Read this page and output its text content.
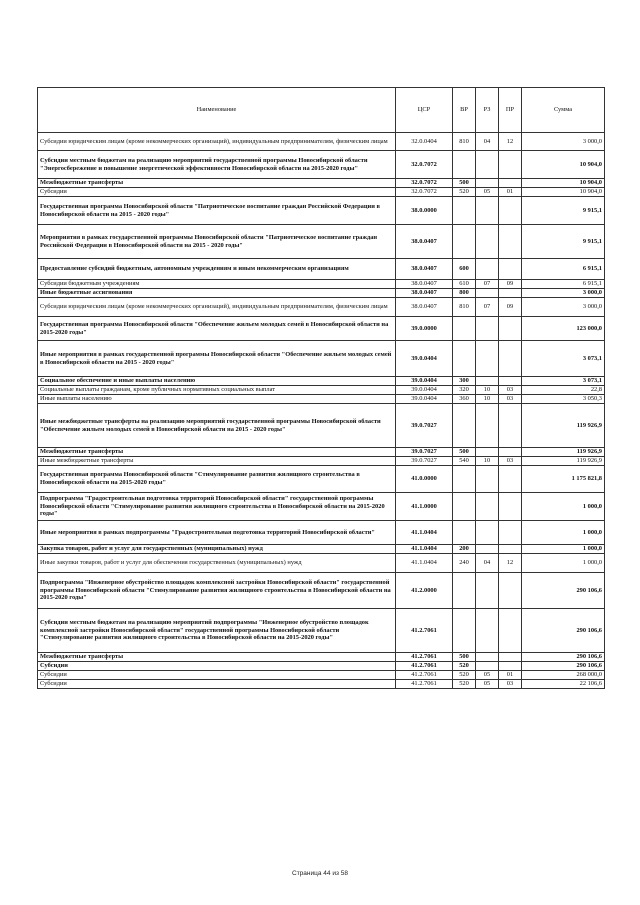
Наименование	ЦСР	ВР	РЗ	ПР	Сумма
Субсидии юридическим лицам (кроме некоммерческих организаций), индивидуальным предпринимателям, физическим лицам	32.0.0404	810	04	12	3 000,0
Субсидии местным бюджетам на реализацию мероприятий государственной программы Новосибирской области "Энергосбережение и повышение энергетической эффективности Новосибирской области на 2015-2020 годы"	32.0.7072				10 904,0
Межбюджетные трансферты	32.0.7072	500			10 904,0
Субсидии	32.0.7072	520	05	01	10 904,0
Государственная программа Новосибирской области "Патриотическое воспитание граждан Российской Федерации в Новосибирской области на 2015 - 2020 годы"	38.0.0000				9 915,1
Мероприятия в рамках государственной программы Новосибирской области "Патриотическое воспитание граждан Российской Федерации в Новосибирской области на 2015 - 2020 годы"	38.0.0407				9 915,1
Предоставление субсидий бюджетным, автономным учреждениям и иным некоммерческим организациям	38.0.0407	600			6 915,1
Субсидии бюджетным учреждениям	38.0.0407	610	07	09	6 915,1
Иные бюджетные ассигнования	38.0.0407	800			3 000,0
Субсидии юридическим лицам (кроме некоммерческих организаций), индивидуальным предпринимателям, физическим лицам	38.0.0407	810	07	09	3 000,0
Государственная программа Новосибирской области "Обеспечение жильем молодых семей в Новосибирской области на 2015-2020 годы"	39.0.0000				123 000,0
Иные мероприятия в рамках государственной программы Новосибирской области "Обеспечение жильем молодых семей в Новосибирской области на 2015 - 2020 годы"	39.0.0404				3 073,1
Социальное обеспечение и иные выплаты населению	39.0.0404	300			3 073,1
Социальные выплаты гражданам, кроме публичных нормативных социальных выплат	39.0.0404	320	10	03	22,8
Иные выплаты населению	39.0.0404	360	10	03	3 050,3
Иные межбюджетные трансферты на реализацию мероприятий государственной программы Новосибирской области "Обеспечение жильем молодых семей в Новосибирской области на 2015 - 2020 годы"	39.0.7027				119 926,9
Межбюджетные трансферты	39.0.7027	500			119 926,9
Иные межбюджетные трансферты	39.0.7027	540	10	03	119 926,9
Государственная программа Новосибирской области "Стимулирование развития жилищного строительства в Новосибирской области на 2015-2020 годы"	41.0.0000				1 175 821,8
Подпрограмма "Градостроительная подготовка территорий Новосибирской области" государственной программы Новосибирской области "Стимулирование развития жилищного строительства в Новосибирской области на 2015-2020 годы"	41.1.0000				1 000,0
Иные мероприятия в рамках подпрограммы "Градостроительная подготовка территорий Новосибирской области"	41.1.0404				1 000,0
Закупка товаров, работ и услуг для государственных (муниципальных) нужд	41.1.0404	200			1 000,0
Иные закупки товаров, работ и услуг для обеспечения государственных (муниципальных) нужд	41.1.0404	240	04	12	1 000,0
Подпрограмма "Инженерное обустройство площадок комплексной застройки Новосибирской области" государственной программы Новосибирской области "Стимулирование развития жилищного строительства в Новосибирской области на 2015-2020 годы"	41.2.0000				290 106,6
Субсидии местным бюджетам на реализацию мероприятий подпрограммы "Инженерное обустройство площадок комплексной застройки Новосибирской области" государственной программы Новосибирской области "Стимулирование развития жилищного строительства в Новосибирской области на 2015-2020 годы"	41.2.7061				290 106,6
Межбюджетные трансферты	41.2.7061	500			290 106,6
Субсидии	41.2.7061	520			290 106,6
Субсидии	41.2.7061	520	05	01	268 000,0
Субсидии	41.2.7061	520	05	03	22 106,6
Страница 44 из 58
